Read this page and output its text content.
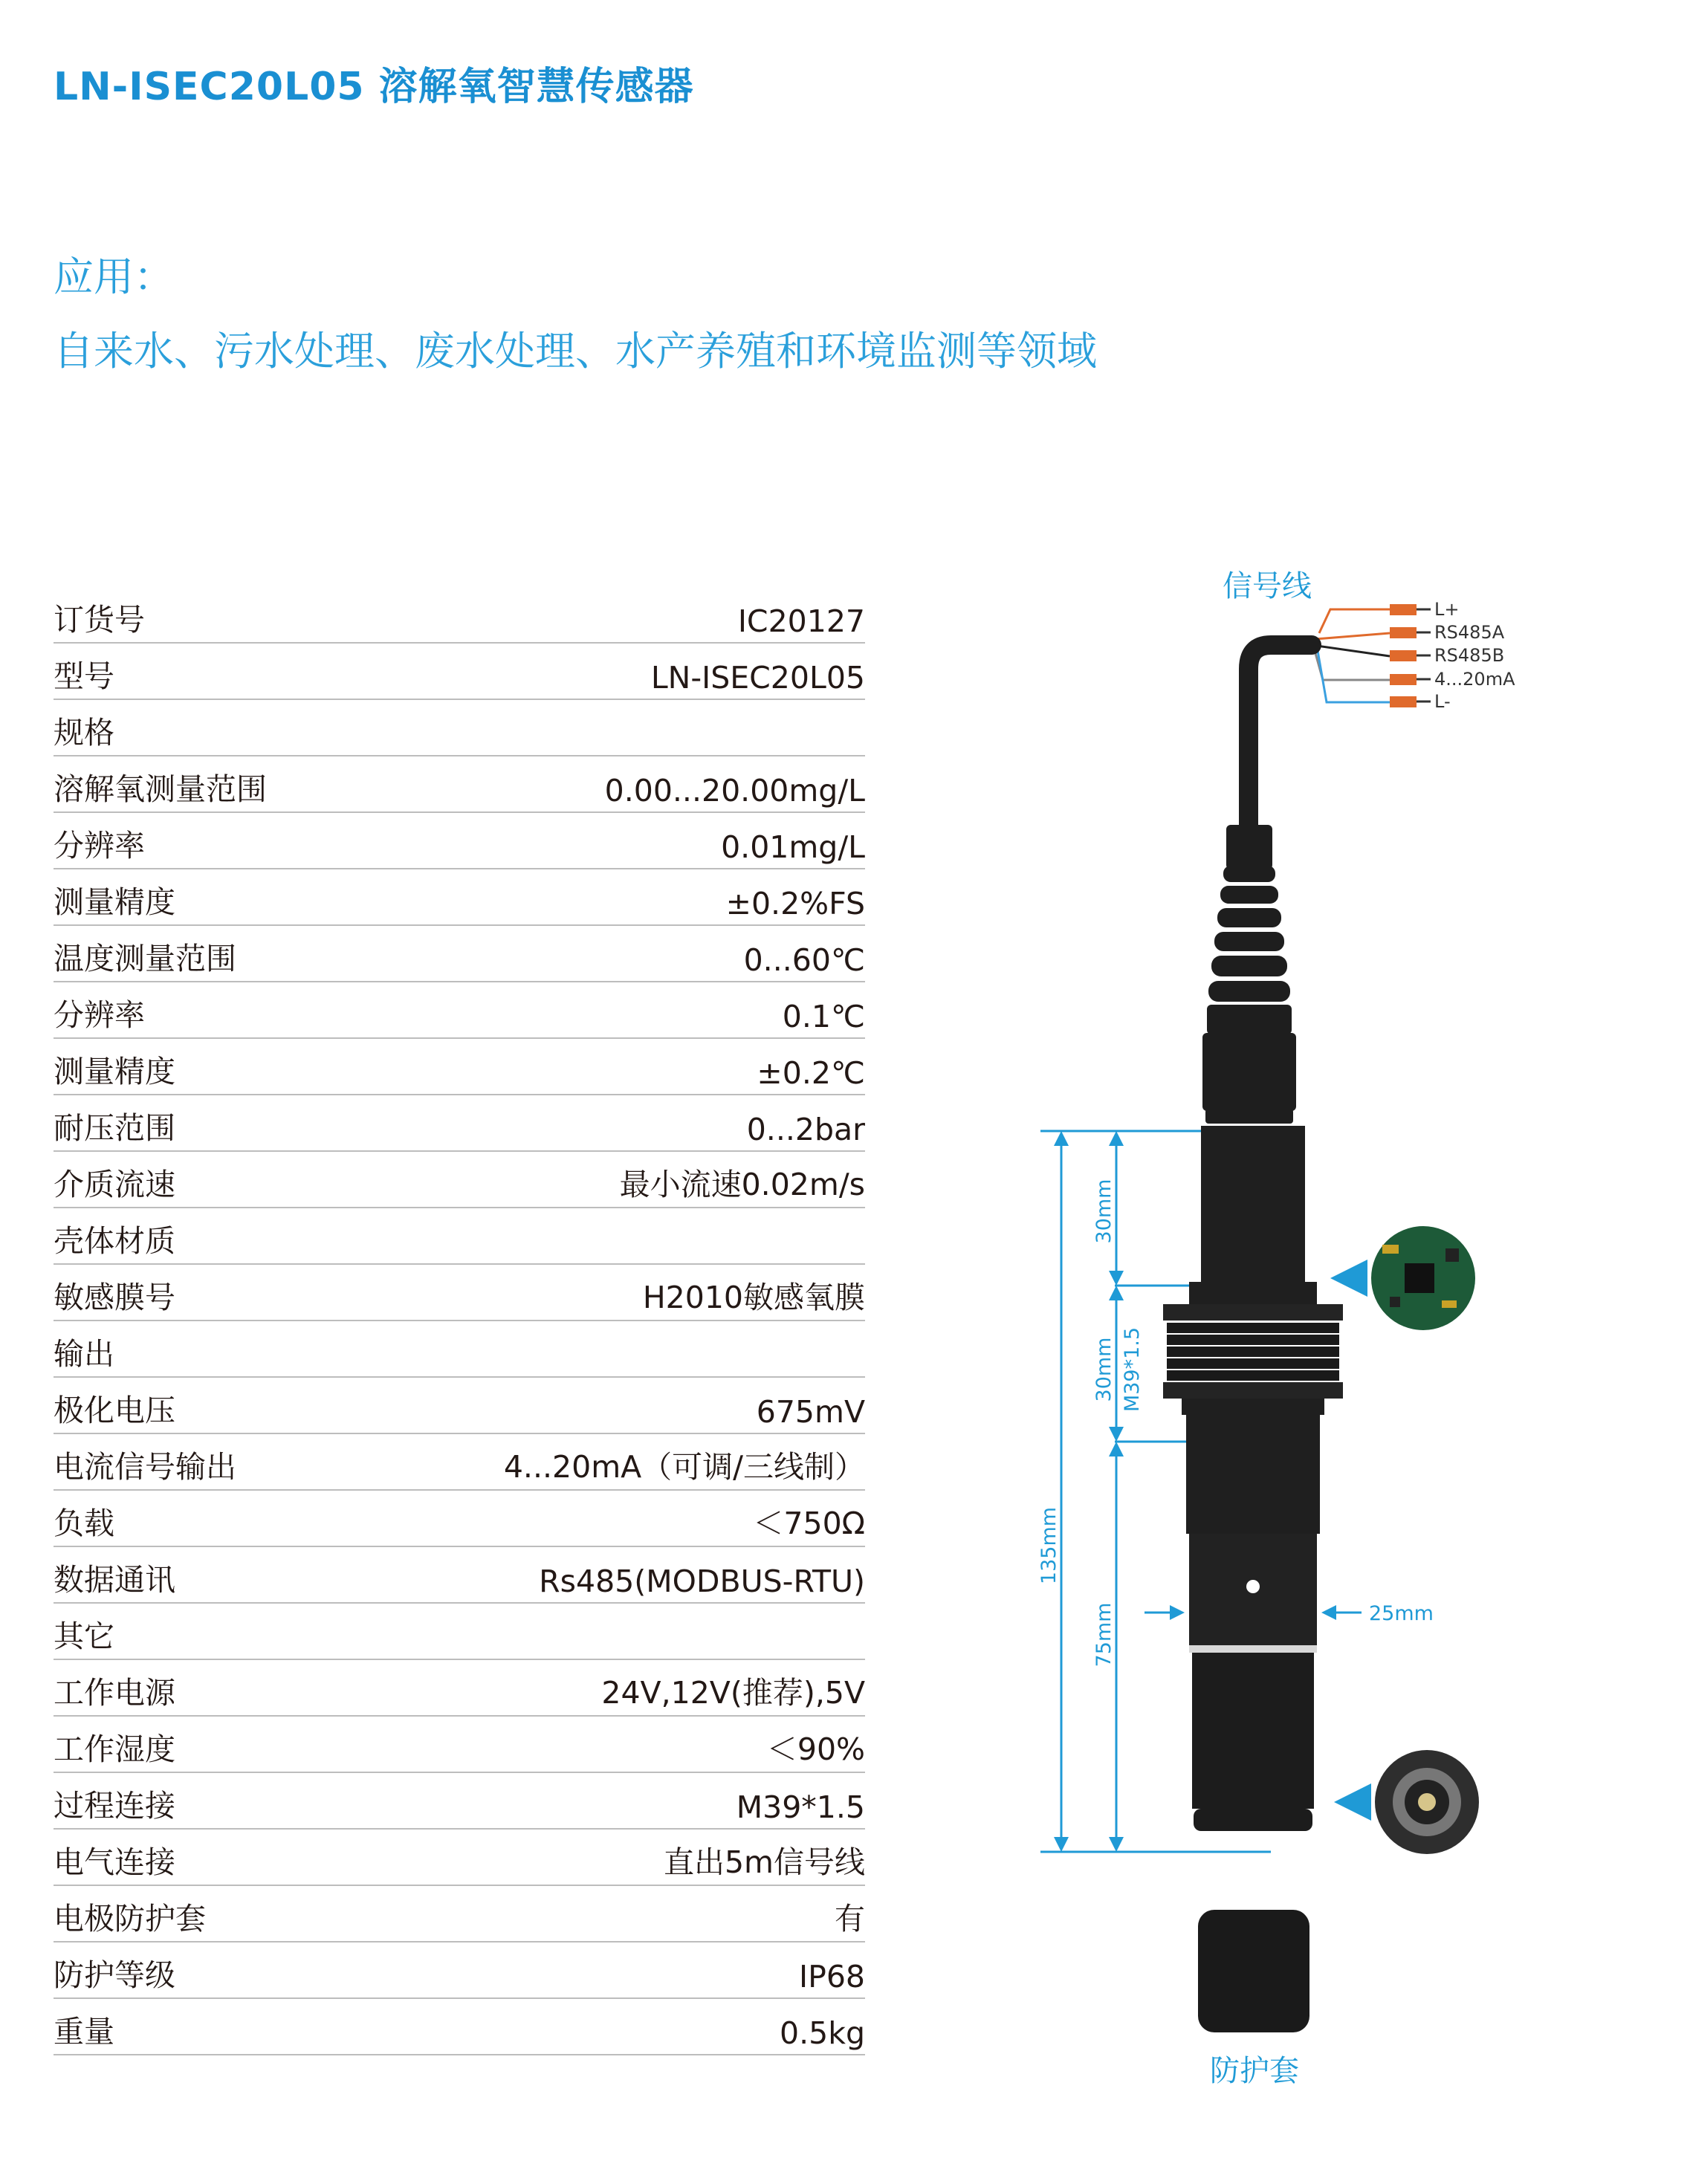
LN-ISEC20L05 溶解氧智慧传感器
应用：
自来水、污水处理、废水处理、水产养殖和环境监测等领域
订货号	IC20127
型号	LN-ISEC20L05
规格
溶解氧测量范围	0.00...20.00mg/L
分辨率	0.01mg/L
测量精度	±0.2%FS
温度测量范围	0...60℃
分辨率	0.1℃
测量精度	±0.2℃
耐压范围	0...2bar
介质流速	最小流速0.02m/s
壳体材质
敏感膜号	H2010敏感氧膜
输出
极化电压	675mV
电流信号输出	4...20mA（可调/三线制）
负载	＜750Ω
数据通讯	Rs485(MODBUS-RTU)
其它
工作电源	24V,12V(推荐),5V
工作湿度	＜90%
过程连接	M39*1.5
电气连接	直出5m信号线
电极防护套	有
防护等级	IP68
重量	0.5kg
信号线
L+
RS485A
RS485B
4...20mA
L-
防护套
135mm
30mm
30mm M39*1.5
75mm	25mm
